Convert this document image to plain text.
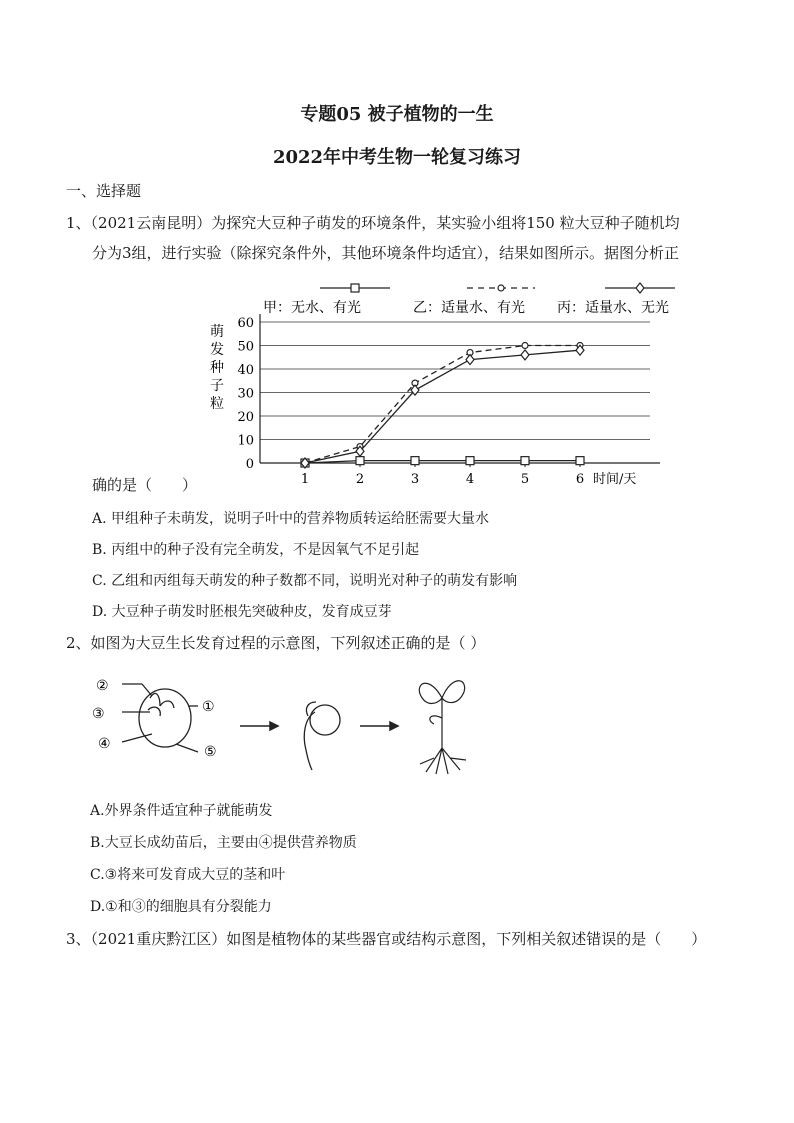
专题05 被子植物的一生
2022年中考生物一轮复习练习
一、选择题
1、（2021云南昆明）为探究大豆种子萌发的环境条件，某实验小组将150 粒大豆种子随机均
分为3组，进行实验（除探究条件外，其他环境条件均适宜），结果如图所示。据图分析正
0
10
20
30
40
50
60
1	2	3	4	5	6
甲：无水、有光	乙：适量水、有光 丙：适量水、无光
萌
发
种
子
粒
时间/天
确的是（　　）
A. 甲组种子未萌发，说明子叶中的营养物质转运给胚需要大量水
B. 丙组中的种子没有完全萌发，不是因氧气不足引起
C. 乙组和丙组每天萌发的种子数都不同，说明光对种子的萌发有影响
D. 大豆种子萌发时胚根先突破种皮，发育成豆芽
2、如图为大豆生长发育过程的示意图，下列叙述正确的是（ ）
②
③
④
①
⑤
A.外界条件适宜种子就能萌发
B.大豆长成幼苗后，主要由④提供营养物质
C.③将来可发育成大豆的茎和叶
D.①和③的细胞具有分裂能力
3、（2021重庆黔江区）如图是植物体的某些器官或结构示意图，下列相关叙述错误的是（　　）
